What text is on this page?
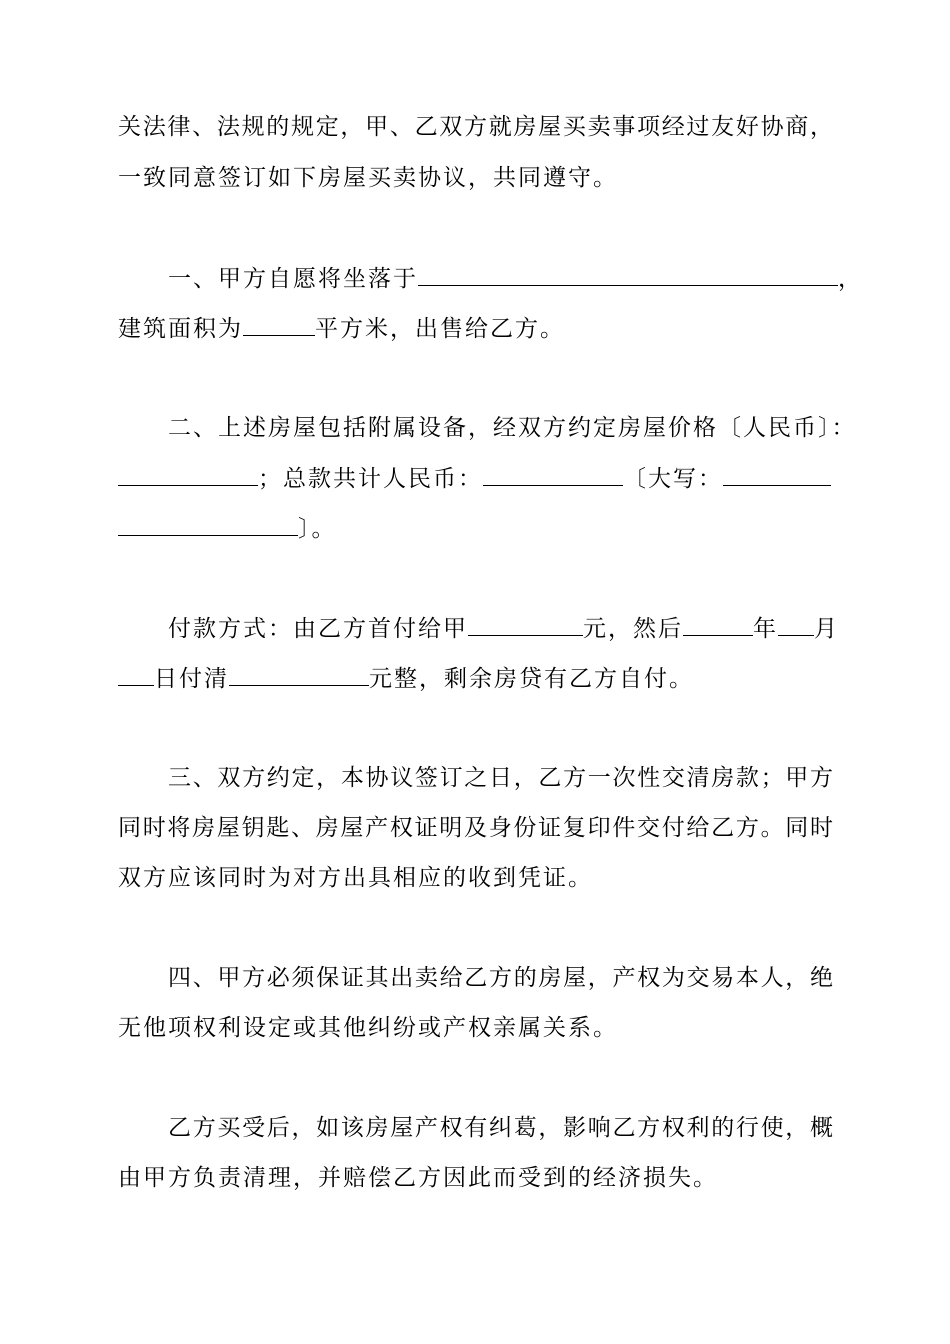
关法律、法规的规定，甲、乙双方就房屋买卖事项经过友好协商，
一致同意签订如下房屋买卖协议，共同遵守。
一、甲方自愿将坐落于	，
建筑面积为	平方米，出售给乙方。
二、上述房屋包括附属设备，经双方约定房屋价格〔人民币〕：
；总款共计人民币：	〔大写：
〕。
付款方式：由乙方首付给甲	元，然后	年 月
日付清	元整，剩余房贷有乙方自付。
三、双方约定，本协议签订之日，乙方一次性交清房款；甲方
同时将房屋钥匙、房屋产权证明及身份证复印件交付给乙方。同时
双方应该同时为对方出具相应的收到凭证。
四、甲方必须保证其出卖给乙方的房屋，产权为交易本人，绝
无他项权利设定或其他纠纷或产权亲属关系。
乙方买受后，如该房屋产权有纠葛，影响乙方权利的行使，概
由甲方负责清理，并赔偿乙方因此而受到的经济损失。
